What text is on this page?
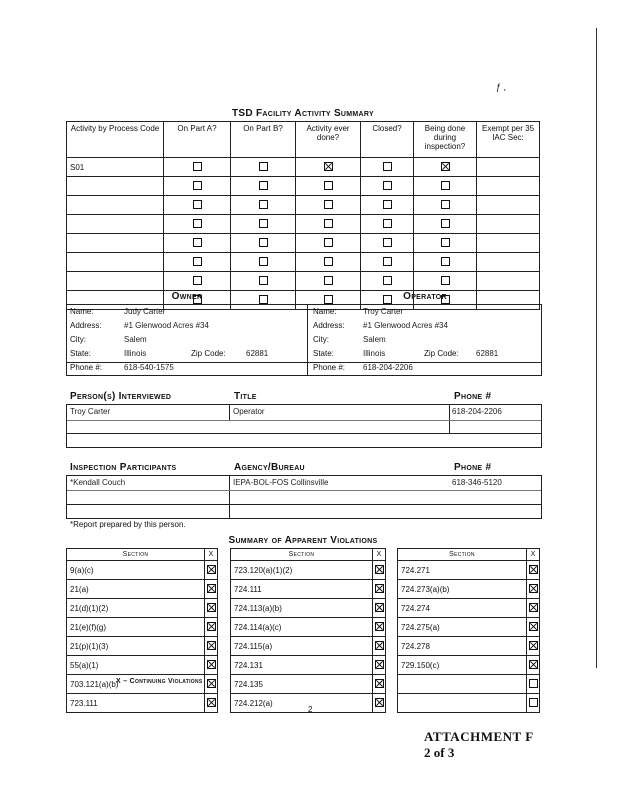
ƒ ,
TSD Facility Activity Summary
Activity by Process Code	On Part A?	On Part B?	Activity ever done?	Closed?	Being done during inspection?	Exempt per 35 IAC Sec:
S01						

Owner	Operator
Name:	Judy Carter
Address:	#1 Glenwood Acres #34
City:	Salem
State:	Illinois	Zip Code:	62881
Phone #:	618-540-1575
Name:	Troy Carter
Address: #1 Glenwood Acres #34
City:	Salem
State:	Illinois	Zip Code: 62881
Phone #: 618-204-2206
Person(s) Interviewed	Title	Phone #
Troy Carter	Operator	618-204-2206
Inspection Participants	Agency/Bureau	Phone #
*Kendall Couch	IEPA-BOL-FOS Collinsville	618-346-5120
*Report prepared by this person.
Summary of Apparent Violations
Section	X
9(a)(c)	
21(a)	
21(d)(1)(2)	
21(e)(f)(g)	
21(p)(1)(3)	
55(a)(1)	
703.121(a)(b)	
723.111	
Section	X
723.120(a)(1)(2)	
724.111	
724.113(a)(b)	
724.114(a)(c)	
724.115(a)	
724.131	
724.135	
724.212(a)	
Section	X
724.271	
724.273(a)(b)	
724.274	
724.275(a)	
724.278	
729.150(c)	

X – Continuing Violations
2
ATTACHMENT F
2 of 3
